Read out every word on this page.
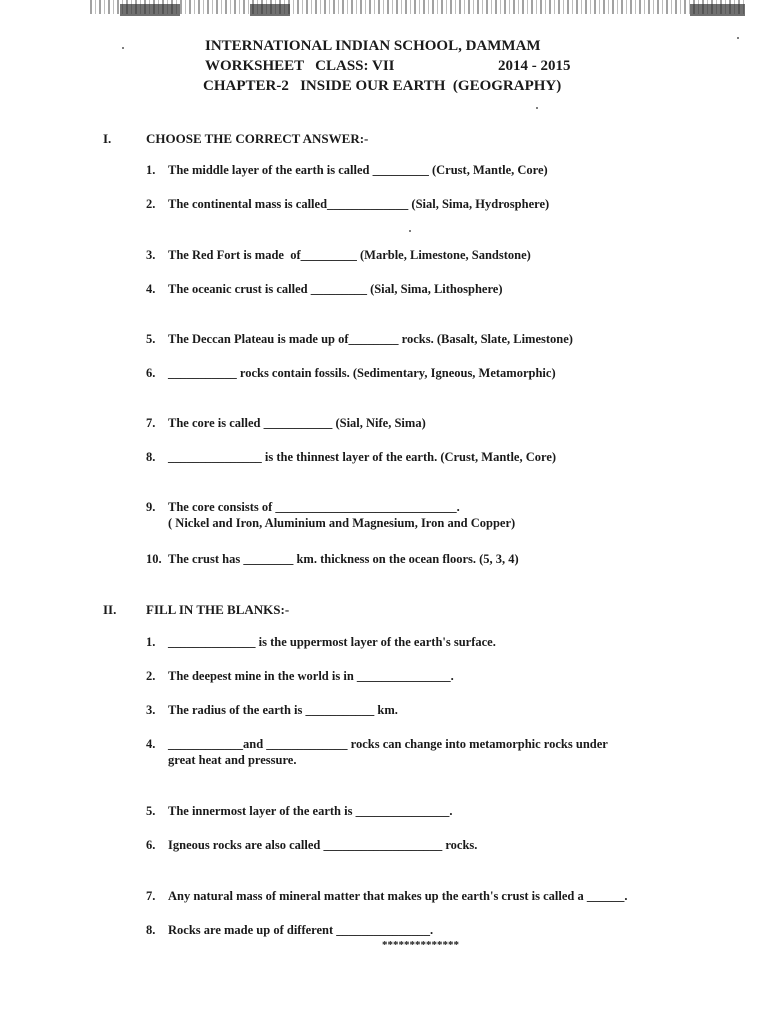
INTERNATIONAL INDIAN SCHOOL, DAMMAM
WORKSHEET   CLASS: VII	2014 - 2015
CHAPTER-2   INSIDE OUR EARTH  (GEOGRAPHY)
I.	CHOOSE THE CORRECT ANSWER:-
1. The middle layer of the earth is called _________ (Crust, Mantle, Core)
2. The continental mass is called_____________ (Sial, Sima, Hydrosphere)
3. The Red Fort is made  of_________ (Marble, Limestone, Sandstone)
4. The oceanic crust is called _________ (Sial, Sima, Lithosphere)
5. The Deccan Plateau is made up of________ rocks. (Basalt, Slate, Limestone)
6. ___________ rocks contain fossils. (Sedimentary, Igneous, Metamorphic)
7. The core is called ___________ (Sial, Nife, Sima)
8. _______________ is the thinnest layer of the earth. (Crust, Mantle, Core)
9. The core consists of _____________________________.
( Nickel and Iron, Aluminium and Magnesium, Iron and Copper)
10. The crust has ________ km. thickness on the ocean floors. (5, 3, 4)
II. FILL IN THE BLANKS:-
1. ______________ is the uppermost layer of the earth's surface.
2. The deepest mine in the world is in _______________.
3. The radius of the earth is ___________ km.
4. ____________and _____________ rocks can change into metamorphic rocks under
great heat and pressure.
5. The innermost layer of the earth is _______________.
6. Igneous rocks are also called ___________________ rocks.
7. Any natural mass of mineral matter that makes up the earth's crust is called a ______.
8. Rocks are made up of different _______________.
**************
